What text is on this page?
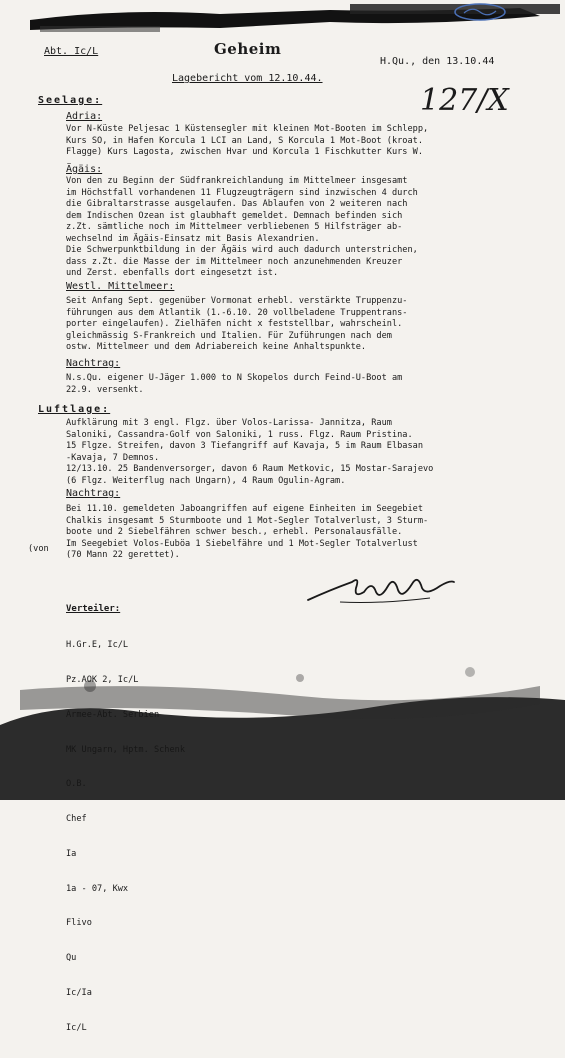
Abt. Ic/L	Geheim
H.Qu., den 13.10.44
Lagebericht vom 12.10.44.
127/X
Seelage:
Adria:
Vor N-Küste Peljesac 1 Küstensegler mit kleinen Mot-Booten im Schlepp,
Kurs SO, in Hafen Korcula 1 LCI an Land, S Korcula 1 Mot-Boot (kroat.
Flagge) Kurs Lagosta, zwischen Hvar und Korcula 1 Fischkutter Kurs W.
Ägäis:
Von den zu Beginn der Südfrankreichlandung im Mittelmeer insgesamt
im Höchstfall vorhandenen 11 Flugzeugträgern sind inzwischen 4 durch
die Gibraltarstrasse ausgelaufen. Das Ablaufen von 2 weiteren nach
dem Indischen Ozean ist glaubhaft gemeldet. Demnach befinden sich
z.Zt. sämtliche noch im Mittelmeer verbliebenen 5 Hilfsträger ab-
wechselnd im Ägäis-Einsatz mit Basis Alexandrien.
Die Schwerpunktbildung in der Ägäis wird auch dadurch unterstrichen,
dass z.Zt. die Masse der im Mittelmeer noch anzunehmenden Kreuzer
und Zerst. ebenfalls dort eingesetzt ist.
Westl. Mittelmeer:
Seit Anfang Sept. gegenüber Vormonat erhebl. verstärkte Truppenzu-
führungen aus dem Atlantik (1.-6.10. 20 vollbeladene Truppentrans-
porter eingelaufen). Zielhäfen nicht x feststellbar, wahrscheinl.
gleichmässig S-Frankreich und Italien. Für Zuführungen nach dem
ostw. Mittelmeer und dem Adriabereich keine Anhaltspunkte.
Nachtrag:
N.s.Qu. eigener U-Jäger 1.000 to N Skopelos durch Feind-U-Boot am
22.9. versenkt.
Luftlage:
Aufklärung mit 3 engl. Flgz. über Volos-Larissa- Jannitza, Raum
Saloniki, Cassandra-Golf von Saloniki, 1 russ. Flgz. Raum Pristina.
15 Flgze. Streifen, davon 3 Tiefangriff auf Kavaja, 5 im Raum Elbasan
-Kavaja, 7 Demnos.
12/13.10. 25 Bandenversorger, davon 6 Raum Metkovic, 15 Mostar-Sarajevo
(6 Flgz. Weiterflug nach Ungarn), 4 Raum Ogulin-Agram.
Nachtrag:
Bei 11.10. gemeldeten Jaboangriffen auf eigene Einheiten im Seegebiet
Chalkis insgesamt 5 Sturmboote und 1 Mot-Segler Totalverlust, 3 Sturm-
boote und 2 Siebelfähren schwer besch., erhebl. Personalausfälle.
Im Seegebiet Volos-Euböa 1 Siebelfähre und 1 Mot-Segler Totalverlust
(70 Mann 22 gerettet).
(von
Verteiler:

H.Gr.E, Ic/L

Pz.AOK 2, Ic/L

Chef

Ia

1a - 07, Kwx

Flivo

Qu

Ic/Ia

Ic/L
